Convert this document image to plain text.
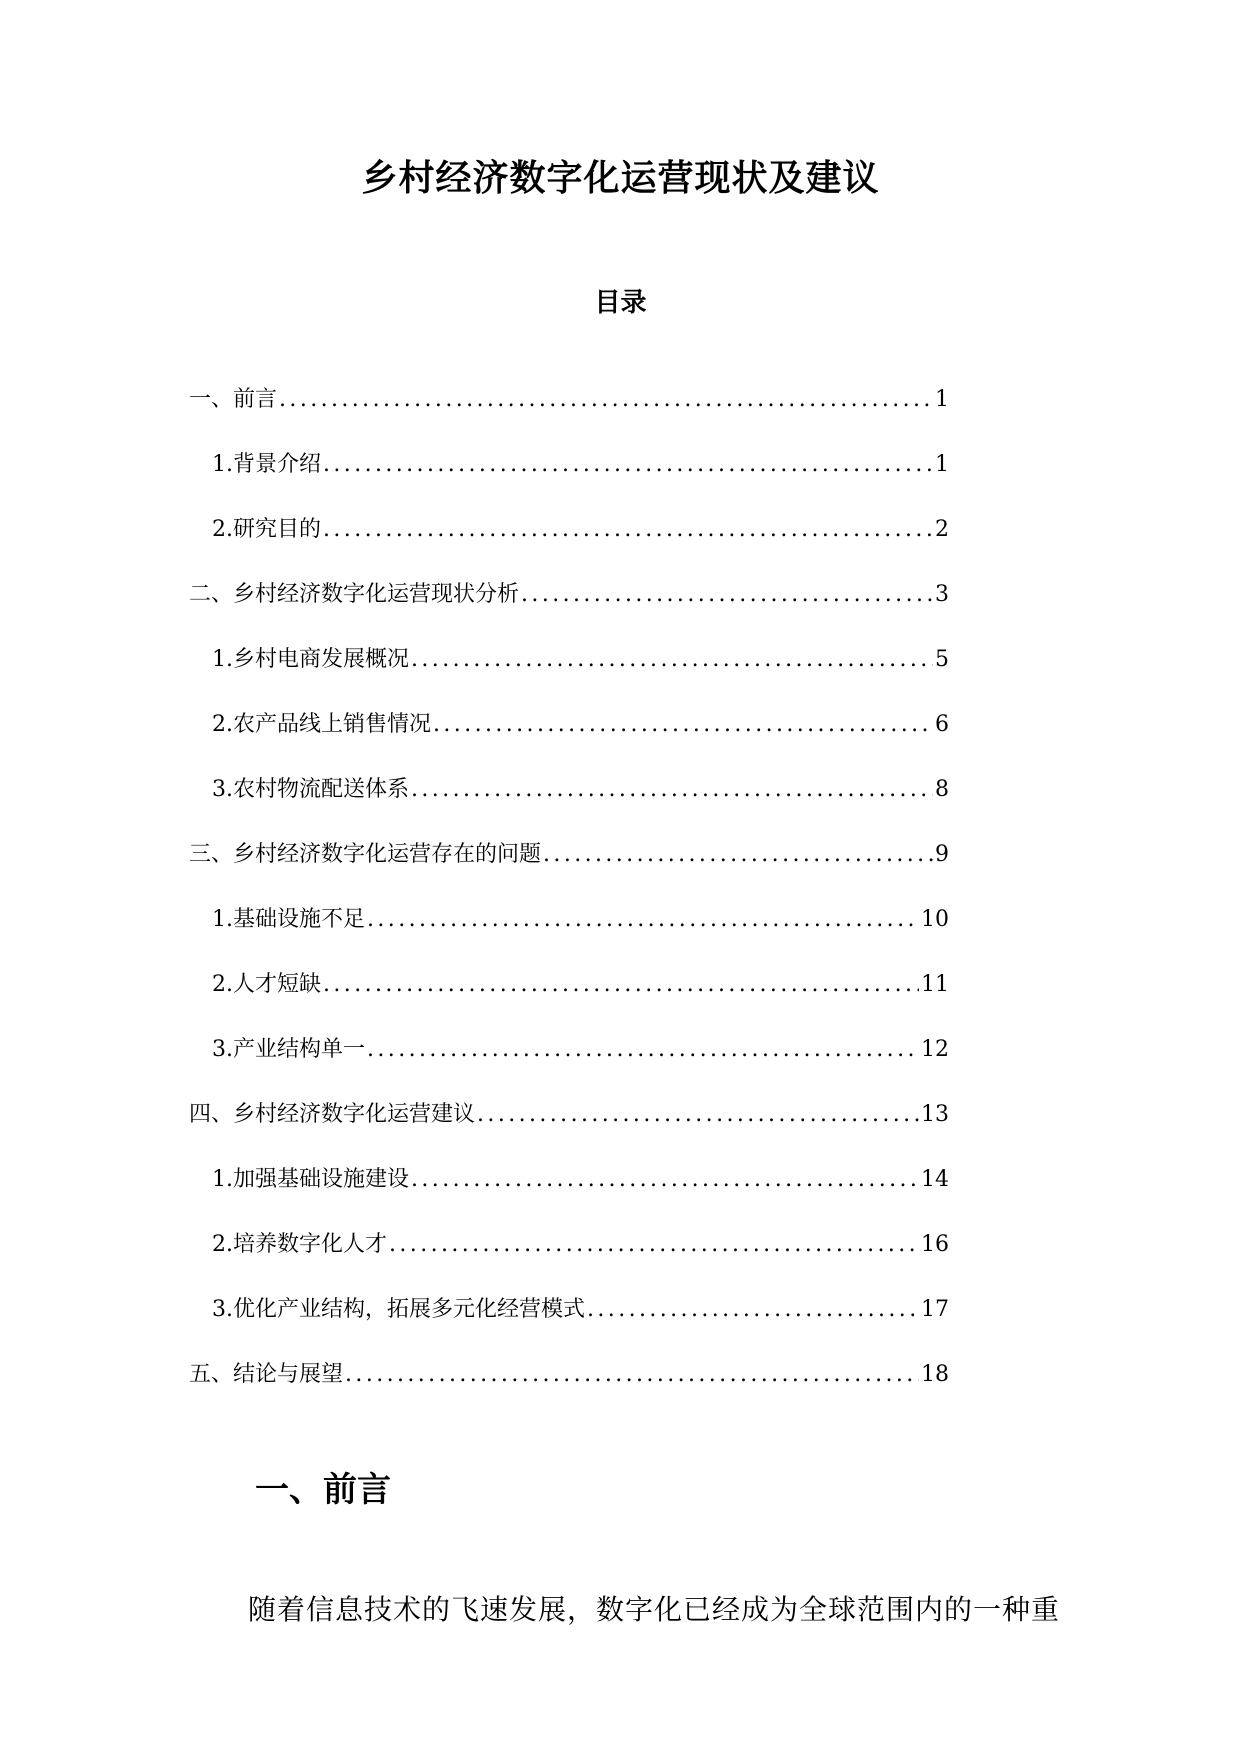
乡村经济数字化运营现状及建议
目录
一、 前言 .....	1
1. 背景介绍 .....	1
2. 研究目的 .....	2
二、 乡村经济数字化运营现状分析 .....	3
1. 乡村电商发展概况 .....	5
2. 农产品线上销售情况 .....	6
3. 农村物流配送体系 .....	8
三、 乡村经济数字化运营存在的问题 .....	9
1. 基础设施不足 .....	10
2. 人才短缺 .....	11
3. 产业结构单一 .....	12
四、 乡村经济数字化运营建议 .....	13
1. 加强基础设施建设 .....	14
2. 培养数字化人才 .....	16
3. 优化产业结构，拓展多元化经营模式 .....	17
五、 结论与展望 .....	18
一、前言

随着信息技术的飞速发展，数字化已经成为全球范围内的一种重
